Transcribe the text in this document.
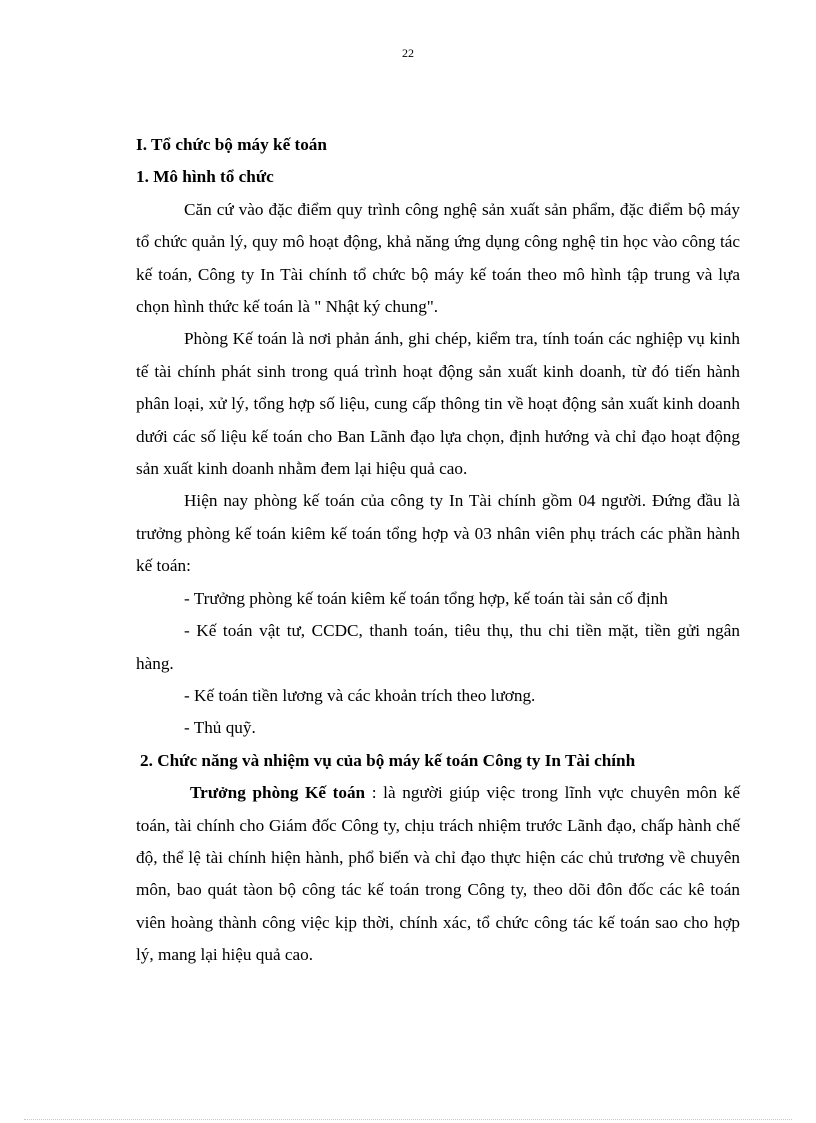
22

I. Tổ chức bộ máy kế toán

1. Mô hình tổ chức

Căn cứ vào đặc điểm quy trình công nghệ sản xuất sản phẩm, đặc điểm bộ máy tổ chức quản lý, quy mô hoạt động, khả năng ứng dụng công nghệ tin học vào công tác kế toán, Công ty In Tài chính tổ chức bộ máy kế toán theo mô hình tập trung và lựa chọn hình thức kế toán là " Nhật ký chung".

Phòng Kế toán là nơi phản ánh, ghi chép, kiểm tra, tính toán các nghiệp vụ kinh tế tài chính phát sinh trong quá trình hoạt động sản xuất kinh doanh, từ đó tiến hành phân loại, xử lý, tổng hợp số liệu, cung cấp thông tin về hoạt động sản xuất kinh doanh dưới các số liệu kế toán cho Ban Lãnh đạo lựa chọn, định hướng và chỉ đạo hoạt động sản xuất kinh doanh nhằm đem lại hiệu quả cao.

Hiện nay phòng kế toán của công ty In Tài chính gồm 04 người. Đứng đầu là trưởng phòng kế toán kiêm kế toán tổng hợp và 03 nhân viên phụ trách các phần hành kế toán:

- Trưởng phòng kế toán kiêm kế toán tổng hợp, kế toán tài sản cố định

- Kế toán vật tư, CCDC, thanh toán, tiêu thụ, thu chi tiền mặt, tiền gửi ngân hàng.

- Kế toán tiền lương và các khoản trích theo lương.

- Thủ quỹ.

2. Chức năng và nhiệm vụ của bộ máy kế toán Công ty In Tài chính

Trưởng phòng Kế toán : là người giúp việc trong lĩnh vực chuyên môn kế toán, tài chính cho Giám đốc Công ty, chịu trách nhiệm trước Lãnh đạo, chấp hành chế độ, thể lệ tài chính hiện hành, phổ biến và chỉ đạo thực hiện các chủ trương về chuyên môn, bao quát tàon bộ công tác kế toán trong Công ty, theo dõi đôn đốc các kê toán viên hoàng thành công việc kịp thời, chính xác, tổ chức công tác kế toán sao cho hợp lý, mang lại hiệu quả cao.
